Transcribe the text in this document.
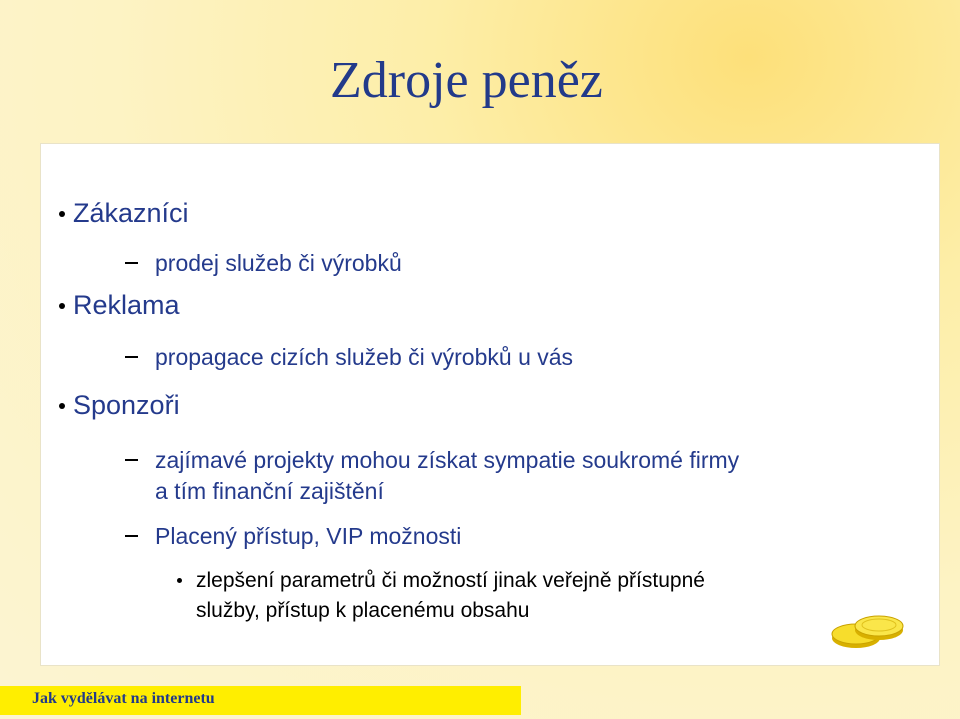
Zdroje peněz
Zákazníci
prodej služeb či výrobků
Reklama
propagace cizích služeb či výrobků u vás
Sponzoři
zajímavé projekty mohou získat sympatie soukromé firmy
a tím finanční zajištění
Placený přístup, VIP možnosti
zlepšení parametrů či možností jinak veřejně přístupné
služby, přístup k placenému obsahu
Jak vydělávat na internetu
